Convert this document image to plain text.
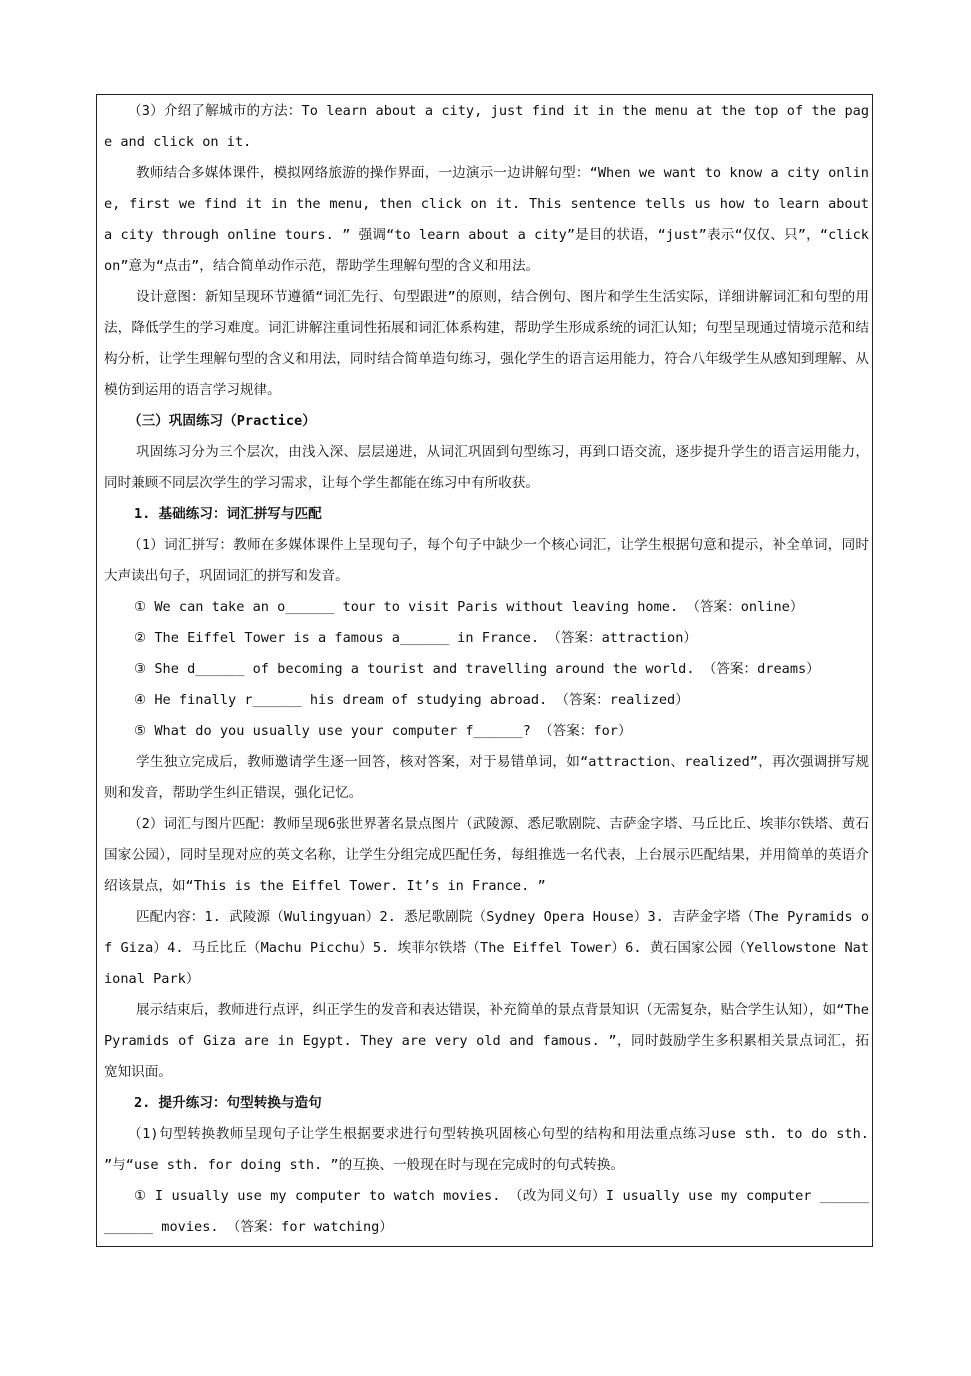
（3）介绍了解城市的方法：To learn about a city, just find it in the menu at the top of the page and click on it.

教师结合多媒体课件，模拟网络旅游的操作界面，一边演示一边讲解句型：“When we want to know a city online, first we find it in the menu, then click on it. This sentence tells us how to learn about a city through online tours. ” 强调“to learn about a city”是目的状语，“just”表示“仅仅、只”，“click on”意为“点击”，结合简单动作示范，帮助学生理解句型的含义和用法。

设计意图：新知呈现环节遵循“词汇先行、句型跟进”的原则，结合例句、图片和学生生活实际，详细讲解词汇和句型的用法，降低学生的学习难度。词汇讲解注重词性拓展和词汇体系构建，帮助学生形成系统的词汇认知；句型呈现通过情境示范和结构分析，让学生理解句型的含义和用法，同时结合简单造句练习，强化学生的语言运用能力，符合八年级学生从感知到理解、从模仿到运用的语言学习规律。

（三）巩固练习（Practice）

巩固练习分为三个层次，由浅入深、层层递进，从词汇巩固到句型练习，再到口语交流，逐步提升学生的语言运用能力，同时兼顾不同层次学生的学习需求，让每个学生都能在练习中有所收获。

1. 基础练习：词汇拼写与匹配

（1）词汇拼写：教师在多媒体课件上呈现句子，每个句子中缺少一个核心词汇，让学生根据句意和提示，补全单词，同时大声读出句子，巩固词汇的拼写和发音。

① We can take an o______ tour to visit Paris without leaving home. （答案：online）

② The Eiffel Tower is a famous a______ in France. （答案：attraction）

③ She d______ of becoming a tourist and travelling around the world. （答案：dreams）

④ He finally r______ his dream of studying abroad. （答案：realized）

⑤ What do you usually use your computer f______? （答案：for）

学生独立完成后，教师邀请学生逐一回答，核对答案，对于易错单词，如“attraction、realized”，再次强调拼写规则和发音，帮助学生纠正错误，强化记忆。

（2）词汇与图片匹配：教师呈现6张世界著名景点图片（武陵源、悉尼歌剧院、吉萨金字塔、马丘比丘、埃菲尔铁塔、黄石国家公园），同时呈现对应的英文名称，让学生分组完成匹配任务，每组推选一名代表，上台展示匹配结果，并用简单的英语介绍该景点，如“This is the Eiffel Tower. It’s in France. ”

匹配内容：1. 武陵源（Wulingyuan）2. 悉尼歌剧院（Sydney Opera House）3. 吉萨金字塔（The Pyramids of Giza）4. 马丘比丘（Machu Picchu）5. 埃菲尔铁塔（The Eiffel Tower）6. 黄石国家公园（Yellowstone National Park）

展示结束后，教师进行点评，纠正学生的发音和表达错误，补充简单的景点背景知识（无需复杂，贴合学生认知），如“The Pyramids of Giza are in Egypt. They are very old and famous. ”，同时鼓励学生多积累相关景点词汇，拓宽知识面。

2. 提升练习：句型转换与造句

（1)句型转换教师呈现句子让学生根据要求进行句型转换巩固核心句型的结构和用法重点练习use sth. to do sth. ”与“use sth. for doing sth. ”的互换、一般现在时与现在完成时的句式转换。

① I usually use my computer to watch movies. （改为同义句）I usually use my computer ______ ______ movies. （答案：for watching）
